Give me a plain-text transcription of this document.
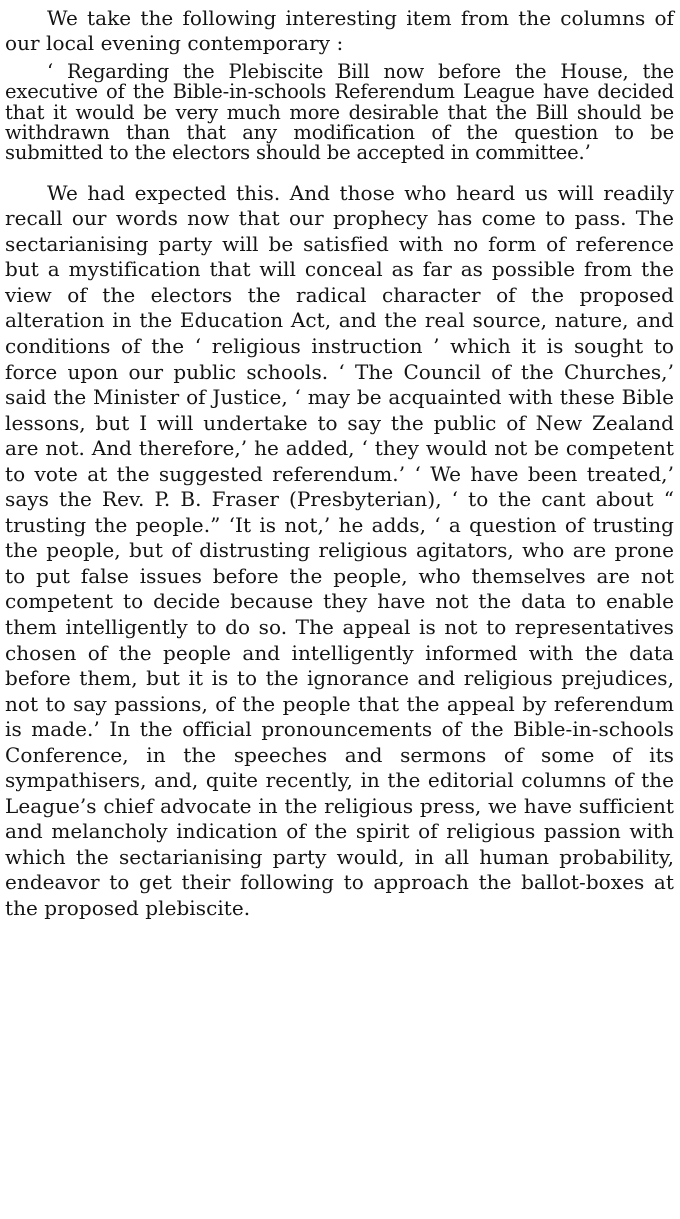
We take the following interesting item from the columns of our local evening contemporary :

‘ Regarding the Plebiscite Bill now before the House, the executive of the Bible-in-schools Referendum League have decided that it would be very much more desirable that the Bill should be withdrawn than that any modification of the question to be submitted to the electors should be accepted in committee.’

We had expected this. And those who heard us will readily recall our words now that our prophecy has come to pass. The sectarianising party will be satisfied with no form of reference but a mystification that will conceal as far as possible from the view of the electors the radical character of the proposed alteration in the Education Act, and the real source, nature, and conditions of the ‘ religious instruction ’ which it is sought to force upon our public schools. ‘ The Council of the Churches,’ said the Minister of Justice, ‘ may be acquainted with these Bible lessons, but I will undertake to say the public of New Zealand are not. And therefore,’ he added, ‘ they would not be competent to vote at the suggested referendum.’ ‘ We have been treated,’ says the Rev. P. B. Fraser (Presbyterian), ‘ to the cant about “ trusting the people.” ‘It is not,’ he adds, ‘ a question of trusting the people, but of distrusting religious agitators, who are prone to put false issues before the people, who themselves are not competent to decide because they have not the data to enable them intelligently to do so. The appeal is not to representatives chosen of the people and intelligently informed with the data before them, but it is to the ignorance and religious prejudices, not to say passions, of the people that the appeal by referendum is made.’ In the official pronouncements of the Bible-in-schools Conference, in the speeches and sermons of some of its sympathisers, and, quite recently, in the editorial columns of the League’s chief advocate in the religious press, we have sufficient and melancholy indication of the spirit of religious passion with which the sectarianising party would, in all human probability, endeavor to get their following to approach the ballot-boxes at the proposed plebiscite.
